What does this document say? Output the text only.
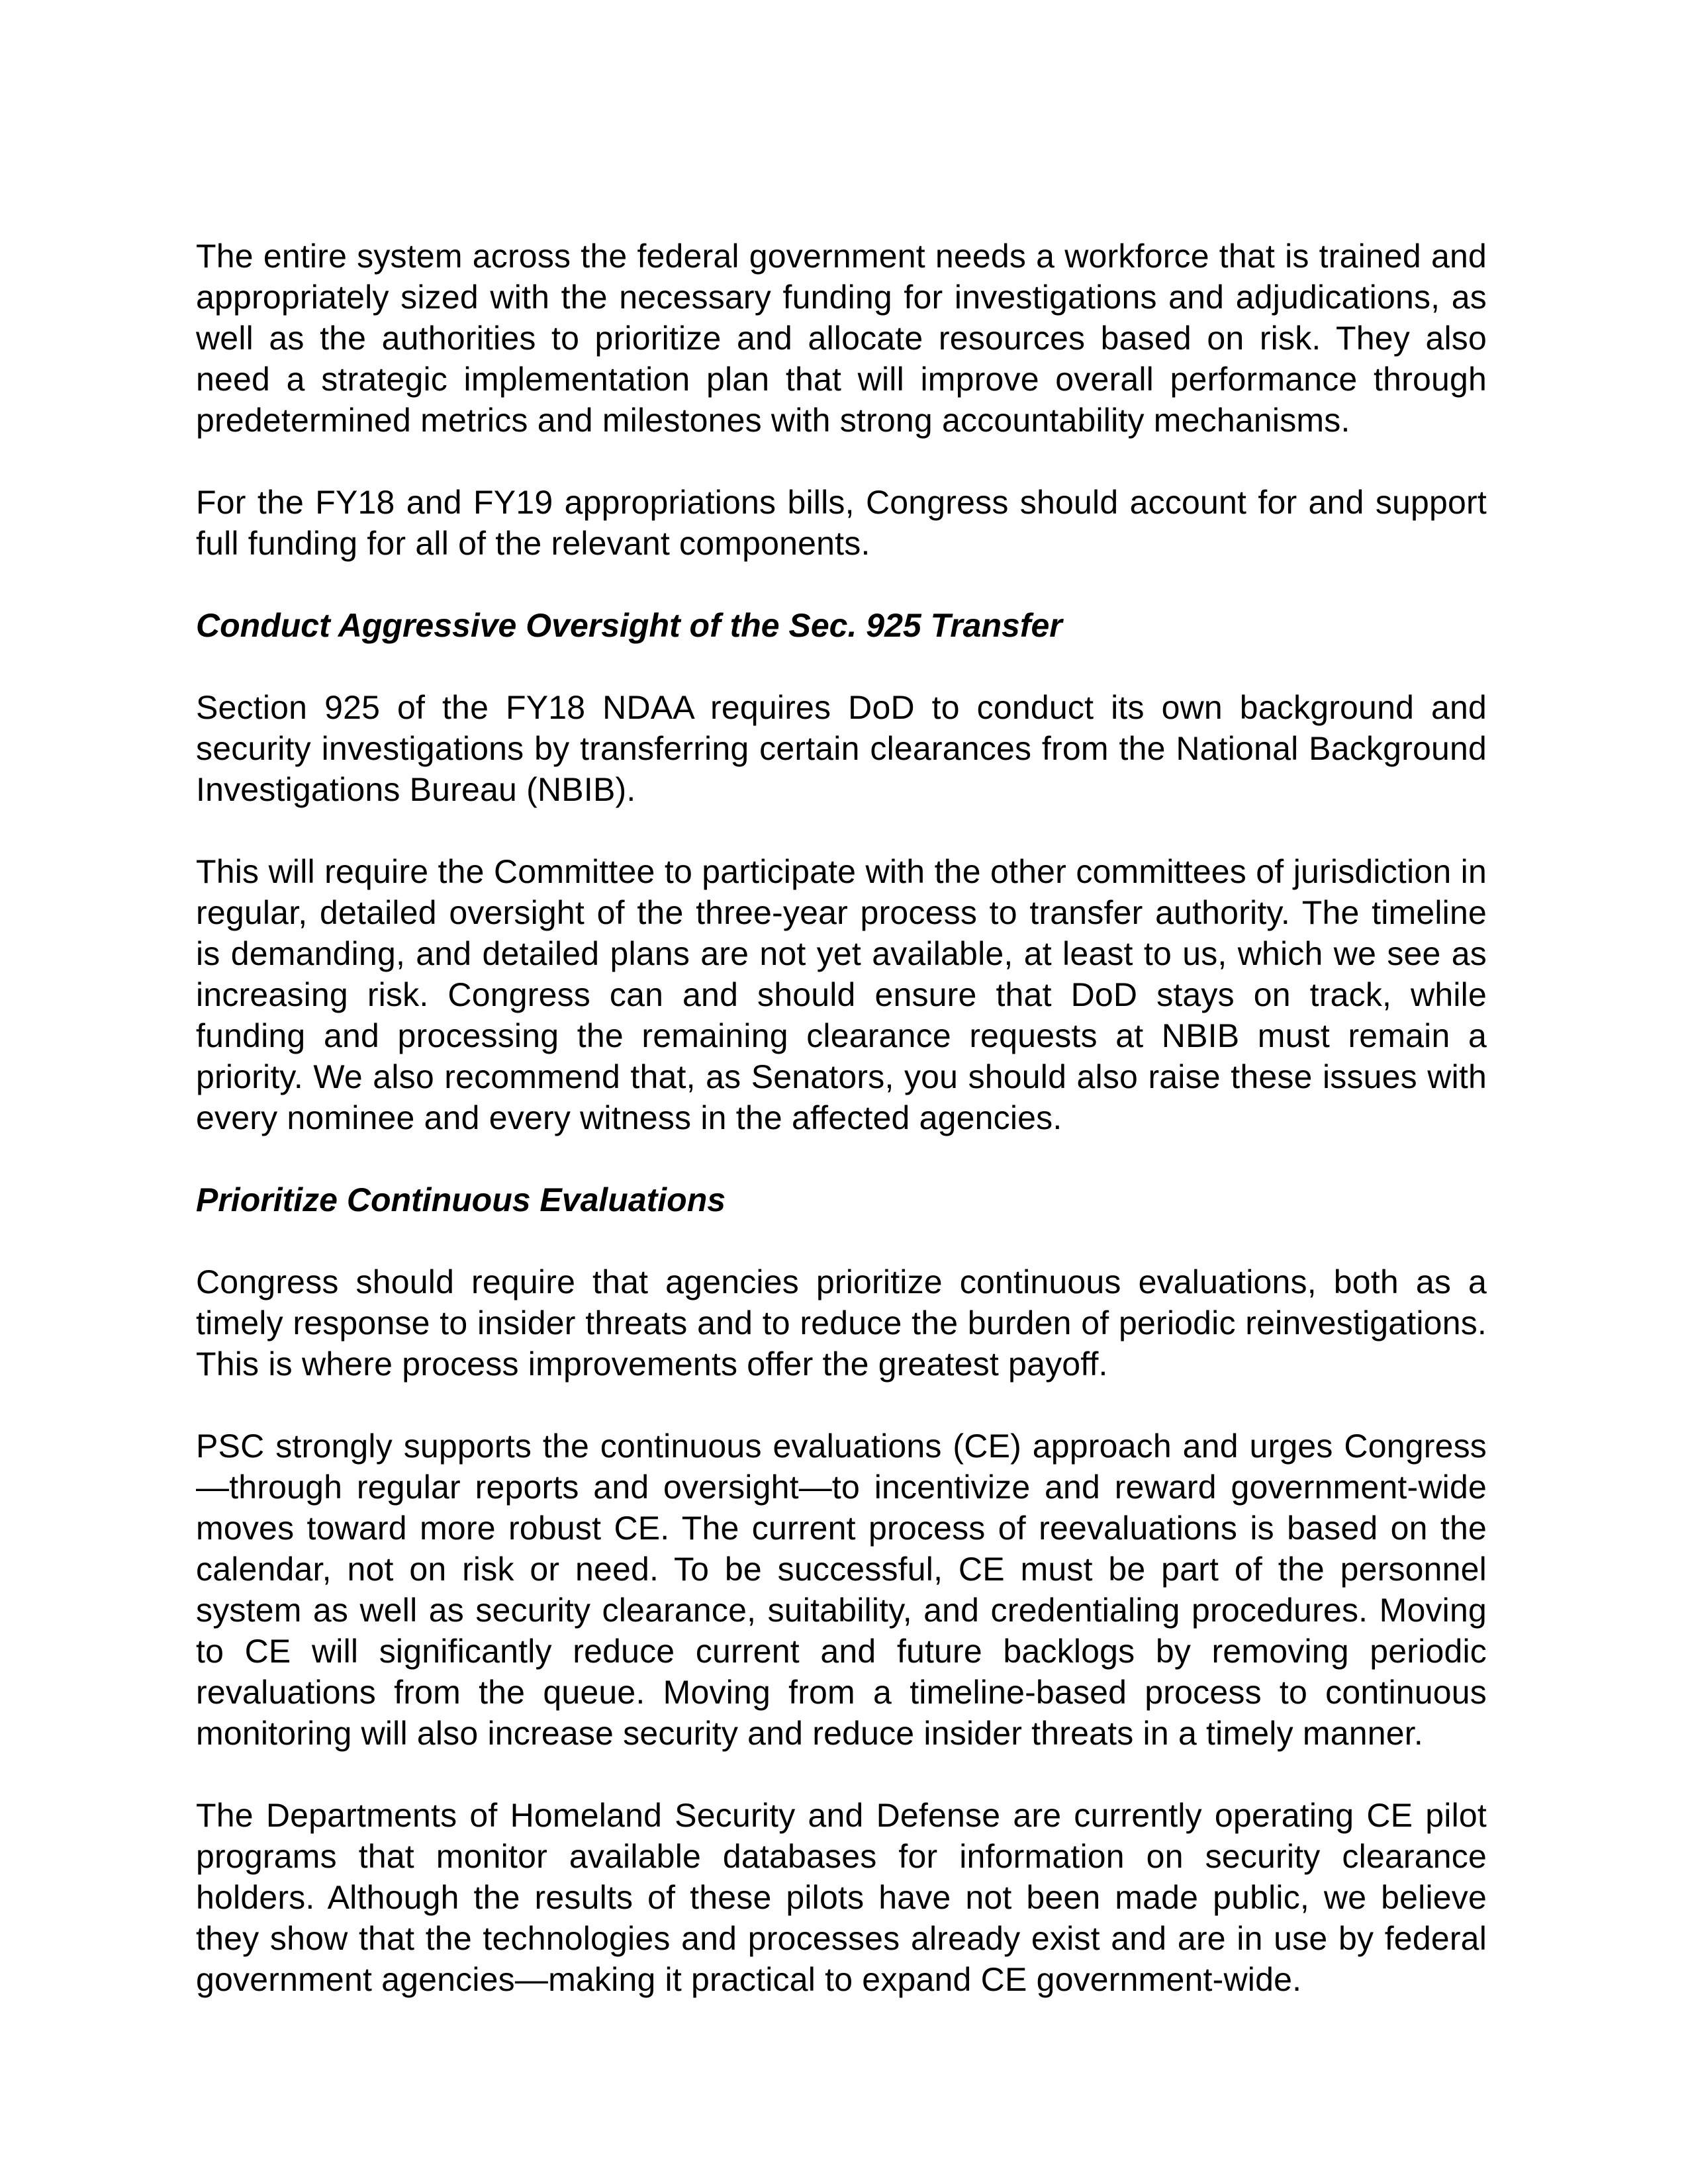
The entire system across the federal government needs a workforce that is trained and appropriately sized with the necessary funding for investigations and adjudications, as well as the authorities to prioritize and allocate resources based on risk. They also need a strategic implementation plan that will improve overall performance through predetermined metrics and milestones with strong accountability mechanisms.

For the FY18 and FY19 appropriations bills, Congress should account for and support full funding for all of the relevant components.

Conduct Aggressive Oversight of the Sec. 925 Transfer

Section 925 of the FY18 NDAA requires DoD to conduct its own background and security investigations by transferring certain clearances from the National Background Investigations Bureau (NBIB).

This will require the Committee to participate with the other committees of jurisdiction in regular, detailed oversight of the three-year process to transfer authority. The timeline is demanding, and detailed plans are not yet available, at least to us, which we see as increasing risk. Congress can and should ensure that DoD stays on track, while funding and processing the remaining clearance requests at NBIB must remain a priority. We also recommend that, as Senators, you should also raise these issues with every nominee and every witness in the affected agencies.

Prioritize Continuous Evaluations

Congress should require that agencies prioritize continuous evaluations, both as a timely response to insider threats and to reduce the burden of periodic reinvestigations. This is where process improvements offer the greatest payoff.

PSC strongly supports the continuous evaluations (CE) approach and urges Congress—through regular reports and oversight—to incentivize and reward government-wide moves toward more robust CE. The current process of reevaluations is based on the calendar, not on risk or need. To be successful, CE must be part of the personnel system as well as security clearance, suitability, and credentialing procedures. Moving to CE will significantly reduce current and future backlogs by removing periodic revaluations from the queue. Moving from a timeline-based process to continuous monitoring will also increase security and reduce insider threats in a timely manner.

The Departments of Homeland Security and Defense are currently operating CE pilot programs that monitor available databases for information on security clearance holders. Although the results of these pilots have not been made public, we believe they show that the technologies and processes already exist and are in use by federal government agencies—making it practical to expand CE government-wide.
